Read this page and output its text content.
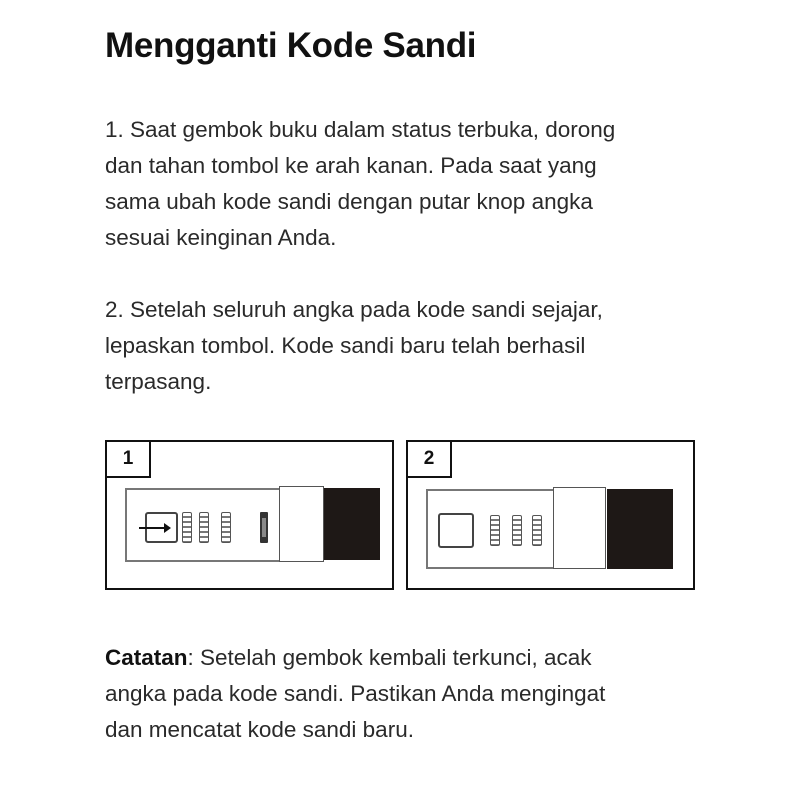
Mengganti Kode Sandi

1. Saat gembok buku dalam status terbuka, dorong
dan tahan tombol ke arah kanan. Pada saat yang
sama ubah kode sandi dengan putar knop angka
sesuai keinginan Anda.

2. Setelah seluruh angka pada kode sandi sejajar,
lepaskan tombol. Kode sandi baru telah berhasil
terpasang.

1	2

Catatan: Setelah gembok kembali terkunci, acak
angka pada kode sandi. Pastikan Anda mengingat
dan mencatat kode sandi baru.
